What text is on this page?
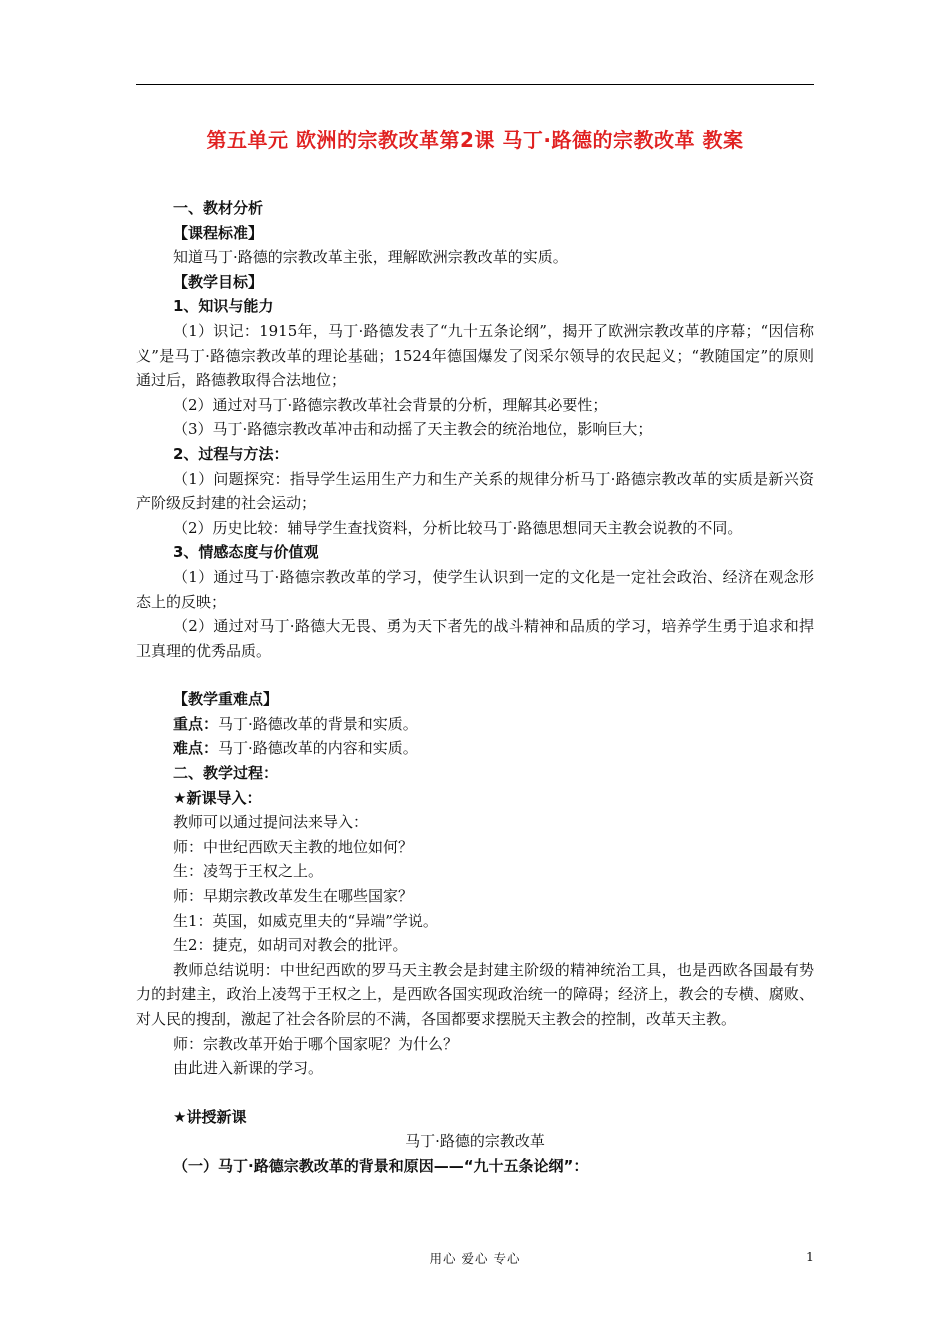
第五单元 欧洲的宗教改革第2课 马丁·路德的宗教改革 教案

一、教材分析

【课程标准】

知道马丁·路德的宗教改革主张，理解欧洲宗教改革的实质。

【教学目标】

1、知识与能力

（1）识记：1915年，马丁·路德发表了“九十五条论纲”，揭开了欧洲宗教改革的序幕；“因信称义”是马丁·路德宗教改革的理论基础；1524年德国爆发了闵采尔领导的农民起义；“教随国定”的原则通过后，路德教取得合法地位；

（2）通过对马丁·路德宗教改革社会背景的分析，理解其必要性；

（3）马丁·路德宗教改革冲击和动摇了天主教会的统治地位，影响巨大；

2、过程与方法：

（1）问题探究：指导学生运用生产力和生产关系的规律分析马丁·路德宗教改革的实质是新兴资产阶级反封建的社会运动；

（2）历史比较：辅导学生查找资料，分析比较马丁·路德思想同天主教会说教的不同。

3、情感态度与价值观

（1）通过马丁·路德宗教改革的学习，使学生认识到一定的文化是一定社会政治、经济在观念形态上的反映；

（2）通过对马丁·路德大无畏、勇为天下者先的战斗精神和品质的学习，培养学生勇于追求和捍卫真理的优秀品质。

【教学重难点】

重点：马丁·路德改革的背景和实质。

难点：马丁·路德改革的内容和实质。

二、教学过程：

★新课导入：

教师可以通过提问法来导入：

师：中世纪西欧天主教的地位如何？

生：凌驾于王权之上。

师：早期宗教改革发生在哪些国家？

生1：英国，如威克里夫的“异端”学说。

生2：捷克，如胡司对教会的批评。

教师总结说明：中世纪西欧的罗马天主教会是封建主阶级的精神统治工具，也是西欧各国最有势力的封建主，政治上凌驾于王权之上，是西欧各国实现政治统一的障碍；经济上，教会的专横、腐败、对人民的搜刮，激起了社会各阶层的不满，各国都要求摆脱天主教会的控制，改革天主教。

师：宗教改革开始于哪个国家呢？为什么？

由此进入新课的学习。

★讲授新课

马丁·路德的宗教改革

（一）马丁·路德宗教改革的背景和原因——“九十五条论纲”：

用心 爱心 专心	1
